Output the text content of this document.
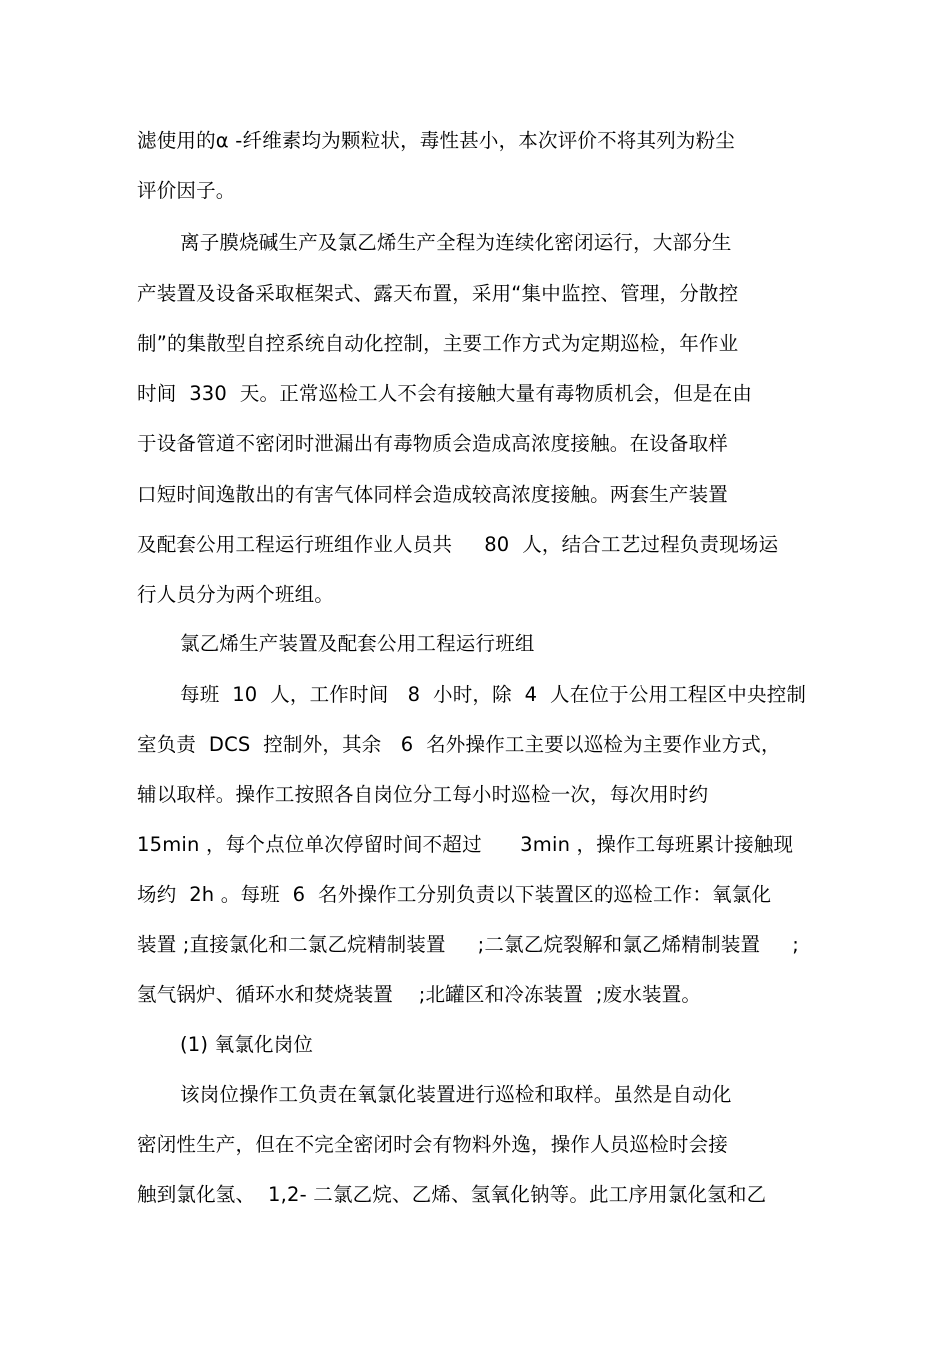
滤使用的α -纤维素均为颗粒状，毒性甚小，本次评价不将其列为粉尘
评价因子。
离子膜烧碱生产及氯乙烯生产全程为连续化密闭运行，大部分生
产装置及设备采取框架式、露天布置，采用“集中监控、管理，分散控
制”的集散型自控系统自动化控制，主要工作方式为定期巡检，年作业
时间  330  天。正常巡检工人不会有接触大量有毒物质机会，但是在由
于设备管道不密闭时泄漏出有毒物质会造成高浓度接触。在设备取样
口短时间逸散出的有害气体同样会造成较高浓度接触。两套生产装置
及配套公用工程运行班组作业人员共     80  人，结合工艺过程负责现场运
行人员分为两个班组。
氯乙烯生产装置及配套公用工程运行班组
每班  10  人，工作时间   8  小时，除  4  人在位于公用工程区中央控制
室负责  DCS  控制外，其余   6  名外操作工主要以巡检为主要作业方式，
辅以取样。操作工按照各自岗位分工每小时巡检一次，每次用时约
15min ，每个点位单次停留时间不超过      3min ，操作工每班累计接触现
场约  2h 。每班  6  名外操作工分别负责以下装置区的巡检工作：氧氯化
装置 ;直接氯化和二氯乙烷精制装置     ;二氯乙烷裂解和氯乙烯精制装置     ;
氢气锅炉、循环水和焚烧装置    ;北罐区和冷冻装置  ;废水装置。
(1) 氧氯化岗位
该岗位操作工负责在氧氯化装置进行巡检和取样。虽然是自动化
密闭性生产，但在不完全密闭时会有物料外逸，操作人员巡检时会接
触到氯化氢、  1,2- 二氯乙烷、乙烯、氢氧化钠等。此工序用氯化氢和乙
